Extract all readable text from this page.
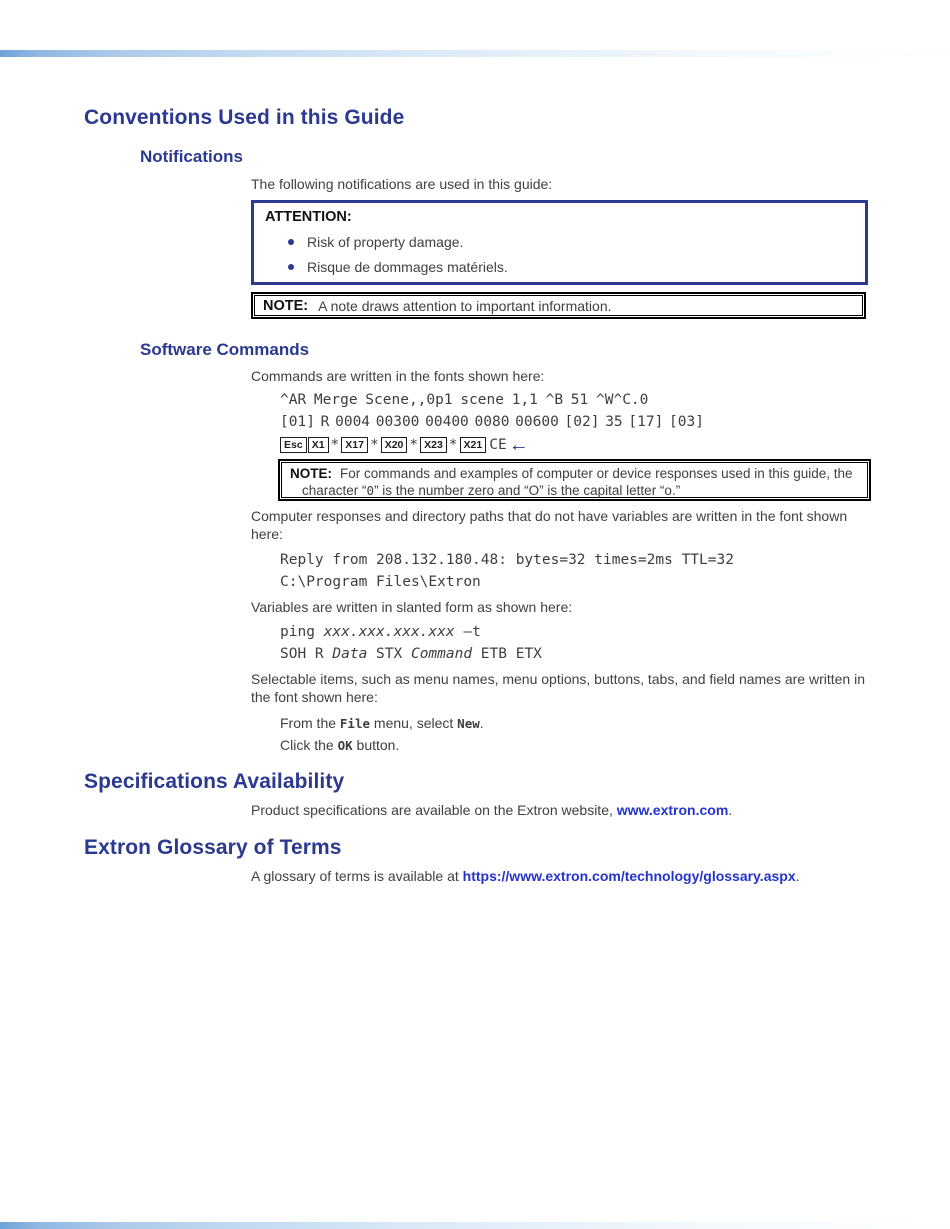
Conventions Used in this Guide
Notifications

The following notifications are used in this guide:

ATTENTION:
Risk of property damage.
Risque de dommages matériels.
NOTE: A note draws attention to important information.
Software Commands

Commands are written in the fonts shown here:

^AR Merge Scene,,0p1 scene 1,1 ^B 51 ^W^C.0
[01] R 0004 00300 00400 0080 00600 [02] 35 [17] [03]
Esc X1 * X17 * X20 * X23 * X21 CE ←

NOTE: For commands and examples of computer or device responses used in this guide, the character “0” is the number zero and “O” is the capital letter “o.”

Computer responses and directory paths that do not have variables are written in the font shown here:

Reply from 208.132.180.48: bytes=32 times=2ms TTL=32
C:\Program Files\Extron

Variables are written in slanted form as shown here:

ping xxx.xxx.xxx.xxx –t
SOH R Data STX Command ETB ETX

Selectable items, such as menu names, menu options, buttons, tabs, and field names are written in the font shown here:

From the File menu, select New.
Click the OK button.
Specifications Availability

Product specifications are available on the Extron website, www.extron.com.

Extron Glossary of Terms

A glossary of terms is available at https://www.extron.com/technology/glossary.aspx.
